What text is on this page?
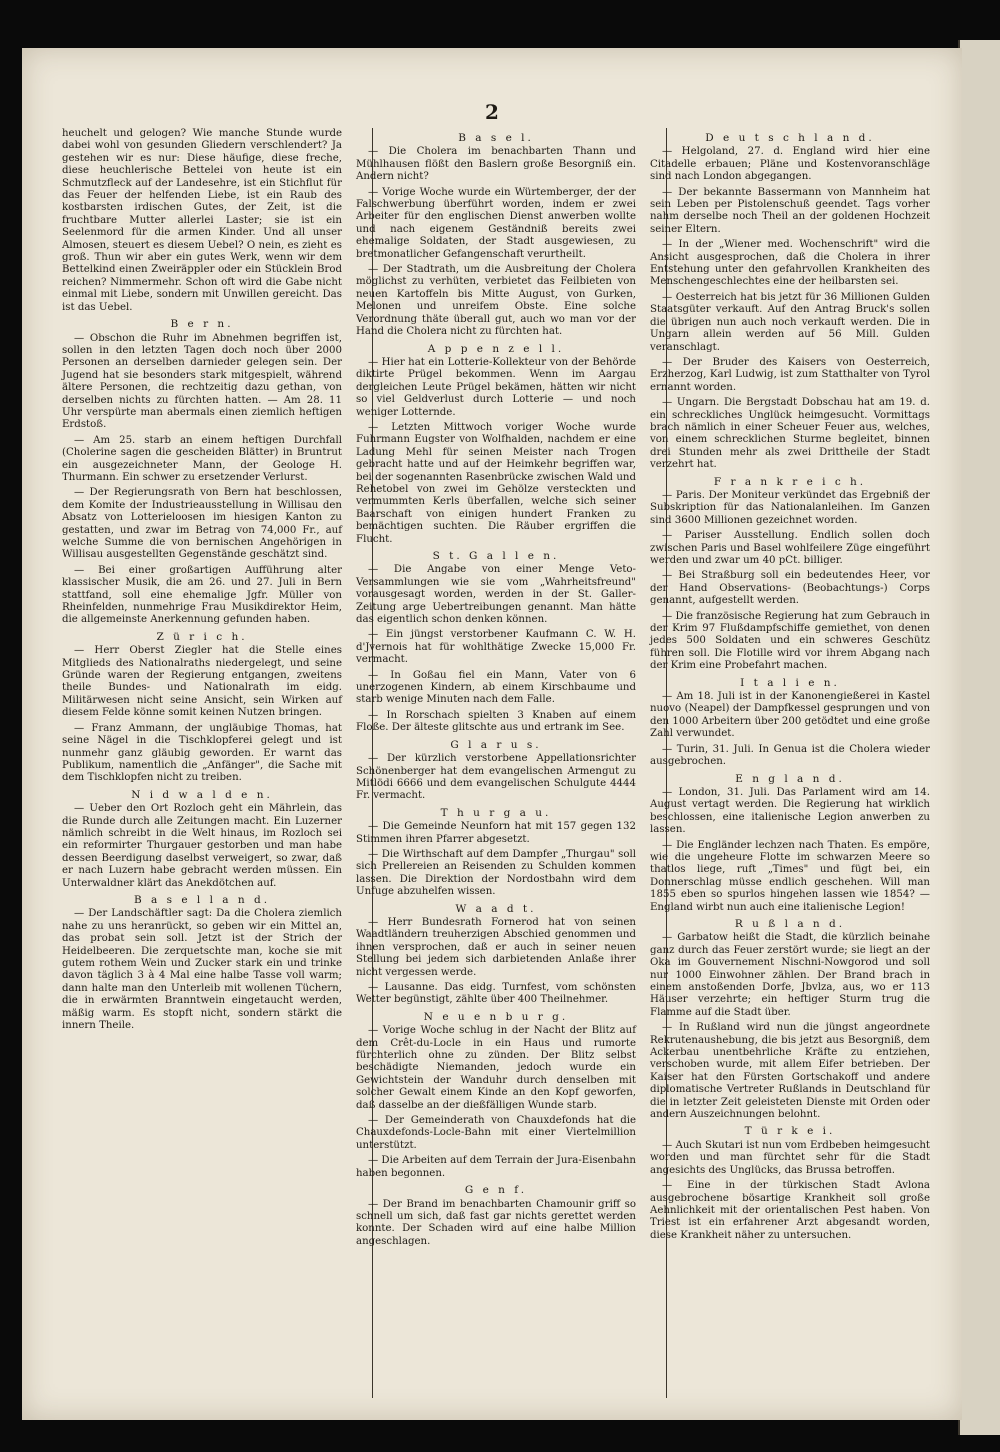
2

heuchelt und gelogen? Wie manche Stunde wurde dabei wohl von gesunden Gliedern verschlendert? Ja gestehen wir es nur: Diese häufige, diese freche, diese heuchlerische Bettelei von heute ist ein Schmutzfleck auf der Landesehre, ist ein Stichflut für das Feuer der helfenden Liebe, ist ein Raub des kostbarsten irdischen Gutes, der Zeit, ist die fruchtbare Mutter allerlei Laster; sie ist ein Seelenmord für die armen Kinder. Und all unser Almosen, steuert es diesem Uebel? O nein, es zieht es groß. Thun wir aber ein gutes Werk, wenn wir dem Bettelkind einen Zweiräppler oder ein Stücklein Brod reichen? Nimmermehr. Schon oft wird die Gabe nicht einmal mit Liebe, sondern mit Unwillen gereicht. Das ist das Uebel.

B e r n.

— Obschon die Ruhr im Abnehmen begriffen ist, sollen in den letzten Tagen doch noch über 2000 Personen an derselben darnieder gelegen sein. Der Jugend hat sie besonders stark mitgespielt, während ältere Personen, die rechtzeitig dazu gethan, von derselben nichts zu fürchten hatten. — Am 28. 11 Uhr verspürte man abermals einen ziemlich heftigen Erdstoß.

— Am 25. starb an einem heftigen Durchfall (Cholerine sagen die gescheiden Blätter) in Bruntrut ein ausgezeichneter Mann, der Geologe H. Thurmann. Ein schwer zu ersetzender Verlurst.

— Der Regierungsrath von Bern hat beschlossen, dem Komite der Industrieausstellung in Willisau den Absatz von Lotterieloosen im hiesigen Kanton zu gestatten, und zwar im Betrag von 74,000 Fr., auf welche Summe die von bernischen Angehörigen in Willisau ausgestellten Gegenstände geschätzt sind.

— Bei einer großartigen Aufführung alter klassischer Musik, die am 26. und 27. Juli in Bern stattfand, soll eine ehemalige Jgfr. Müller von Rheinfelden, nunmehrige Frau Musikdirektor Heim, die allgemeinste Anerkennung gefunden haben.

Z ü r i c h.

— Herr Oberst Ziegler hat die Stelle eines Mitglieds des Nationalraths niedergelegt, und seine Gründe waren der Regierung entgangen, zweitens theile Bundes- und Nationalrath im eidg. Militärwesen nicht seine Ansicht, sein Wirken auf diesem Felde könne somit keinen Nutzen bringen.

— Franz Ammann, der ungläubige Thomas, hat seine Nägel in die Tischklopferei gelegt und ist nunmehr ganz gläubig geworden. Er warnt das Publikum, namentlich die „Anfänger", die Sache mit dem Tischklopfen nicht zu treiben.

N i d w a l d e n.

— Ueber den Ort Rozloch geht ein Mährlein, das die Runde durch alle Zeitungen macht. Ein Luzerner nämlich schreibt in die Welt hinaus, im Rozloch sei ein reformirter Thurgauer gestorben und man habe dessen Beerdigung daselbst verweigert, so zwar, daß er nach Luzern habe gebracht werden müssen. Ein Unterwaldner klärt das Anekdötchen auf.

B a s e l l a n d.

— Der Landschäftler sagt: Da die Cholera ziemlich nahe zu uns heranrückt, so geben wir ein Mittel an, das probat sein soll. Jetzt ist der Strich der Heidelbeeren. Die zerquetschte man, koche sie mit gutem rothem Wein und Zucker stark ein und trinke davon täglich 3 à 4 Mal eine halbe Tasse voll warm; dann halte man den Unterleib mit wollenen Tüchern, die in erwärmten Branntwein eingetaucht werden, mäßig warm. Es stopft nicht, sondern stärkt die innern Theile.

B a s e l.

— Die Cholera im benachbarten Thann und Mühlhausen flößt den Baslern große Besorgniß ein. Andern nicht?

— Vorige Woche wurde ein Würtemberger, der der Falschwerbung überführt worden, indem er zwei Arbeiter für den englischen Dienst anwerben wollte und nach eigenem Geständniß bereits zwei ehemalige Soldaten, der Stadt ausgewiesen, zu bretmonatlicher Gefangenschaft verurtheilt.

— Der Stadtrath, um die Ausbreitung der Cholera möglichst zu verhüten, verbietet das Feilbieten von neuen Kartoffeln bis Mitte August, von Gurken, Melonen und unreifem Obste. Eine solche Verordnung thäte überall gut, auch wo man vor der Hand die Cholera nicht zu fürchten hat.

A p p e n z e l l.

— Hier hat ein Lotterie-Kollekteur von der Behörde diktirte Prügel bekommen. Wenn im Aargau dergleichen Leute Prügel bekämen, hätten wir nicht so viel Geldverlust durch Lotterie — und noch weniger Lotternde.

— Letzten Mittwoch voriger Woche wurde Fuhrmann Eugster von Wolfhalden, nachdem er eine Ladung Mehl für seinen Meister nach Trogen gebracht hatte und auf der Heimkehr begriffen war, bei der sogenannten Rasenbrücke zwischen Wald und Rehetobel von zwei im Gehölze versteckten und vermummten Kerls überfallen, welche sich seiner Baarschaft von einigen hundert Franken zu bemächtigen suchten. Die Räuber ergriffen die Flucht.

S t. G a l l e n.

— Die Angabe von einer Menge Veto-Versammlungen wie sie vom „Wahrheitsfreund" vorausgesagt worden, werden in der St. Galler-Zeitung arge Uebertreibungen genannt. Man hätte das eigentlich schon denken können.

— Ein jüngst verstorbener Kaufmann C. W. H. d'Jvernois hat für wohlthätige Zwecke 15,000 Fr. vermacht.

— In Goßau fiel ein Mann, Vater von 6 unerzogenen Kindern, ab einem Kirschbaume und starb wenige Minuten nach dem Falle.

— In Rorschach spielten 3 Knaben auf einem Floße. Der älteste glitschte aus und ertrank im See.

G l a r u s.

— Der kürzlich verstorbene Appellationsrichter Schönenberger hat dem evangelischen Armengut zu Mitlödi 6666 und dem evangelischen Schulgute 4444 Fr. vermacht.

T h u r g a u.

— Die Gemeinde Neunforn hat mit 157 gegen 132 Stimmen ihren Pfarrer abgesetzt.

— Die Wirthschaft auf dem Dampfer „Thurgau" soll sich Prellereien an Reisenden zu Schulden kommen lassen. Die Direktion der Nordostbahn wird dem Unfuge abzuhelfen wissen.

W a a d t.

— Herr Bundesrath Fornerod hat von seinen Waadtländern treuherzigen Abschied genommen und ihnen versprochen, daß er auch in seiner neuen Stellung bei jedem sich darbietenden Anlaße ihrer nicht vergessen werde.

— Lausanne. Das eidg. Turnfest, vom schönsten Wetter begünstigt, zählte über 400 Theilnehmer.

N e u e n b u r g.

— Vorige Woche schlug in der Nacht der Blitz auf dem Crêt-du-Locle in ein Haus und rumorte fürchterlich ohne zu zünden. Der Blitz selbst beschädigte Niemanden, jedoch wurde ein Gewichtstein der Wanduhr durch denselben mit solcher Gewalt einem Kinde an den Kopf geworfen, daß dasselbe an der dießfälligen Wunde starb.

— Der Gemeinderath von Chauxdefonds hat die Chauxdefonds-Locle-Bahn mit einer Viertelmillion unterstützt.

— Die Arbeiten auf dem Terrain der Jura-Eisenbahn haben begonnen.

G e n f.

— Der Brand im benachbarten Chamounir griff so schnell um sich, daß fast gar nichts gerettet werden konnte. Der Schaden wird auf eine halbe Million angeschlagen.

D e u t s c h l a n d.

— Helgoland, 27. d. England wird hier eine Citadelle erbauen; Pläne und Kostenvoranschläge sind nach London abgegangen.

— Der bekannte Bassermann von Mannheim hat sein Leben per Pistolenschuß geendet. Tags vorher nahm derselbe noch Theil an der goldenen Hochzeit seiner Eltern.

— In der „Wiener med. Wochenschrift" wird die Ansicht ausgesprochen, daß die Cholera in ihrer Entstehung unter den gefahrvollen Krankheiten des Menschengeschlechtes eine der heilbarsten sei.

— Oesterreich hat bis jetzt für 36 Millionen Gulden Staatsgüter verkauft. Auf den Antrag Bruck's sollen die übrigen nun auch noch verkauft werden. Die in Ungarn allein werden auf 56 Mill. Gulden veranschlagt.

— Der Bruder des Kaisers von Oesterreich, Erzherzog, Karl Ludwig, ist zum Statthalter von Tyrol ernannt worden.

— Ungarn. Die Bergstadt Dobschau hat am 19. d. ein schreckliches Unglück heimgesucht. Vormittags brach nämlich in einer Scheuer Feuer aus, welches, von einem schrecklichen Sturme begleitet, binnen drei Stunden mehr als zwei Drittheile der Stadt verzehrt hat.

F r a n k r e i c h.

— Paris. Der Moniteur verkündet das Ergebniß der Subskription für das Nationalanleihen. Im Ganzen sind 3600 Millionen gezeichnet worden.

— Pariser Ausstellung. Endlich sollen doch zwischen Paris und Basel wohlfeilere Züge eingeführt werden und zwar um 40 pCt. billiger.

— Bei Straßburg soll ein bedeutendes Heer, vor der Hand Observations- (Beobachtungs-) Corps genannt, aufgestellt werden.

— Die französische Regierung hat zum Gebrauch in der Krim 97 Flußdampfschiffe gemiethet, von denen jedes 500 Soldaten und ein schweres Geschütz führen soll. Die Flotille wird vor ihrem Abgang nach der Krim eine Probefahrt machen.

I t a l i e n.

— Am 18. Juli ist in der Kanonengießerei in Kastel nuovo (Neapel) der Dampfkessel gesprungen und von den 1000 Arbeitern über 200 getödtet und eine große Zahl verwundet.

— Turin, 31. Juli. In Genua ist die Cholera wieder ausgebrochen.

E n g l a n d.

— London, 31. Juli. Das Parlament wird am 14. August vertagt werden. Die Regierung hat wirklich beschlossen, eine italienische Legion anwerben zu lassen.

— Die Engländer lechzen nach Thaten. Es empöre, wie die ungeheure Flotte im schwarzen Meere so thatlos liege, ruft „Times" und fügt bei, ein Donnerschlag müsse endlich geschehen. Will man 1855 eben so spurlos hingehen lassen wie 1854? — England wirbt nun auch eine italienische Legion!

R u ß l a n d.

— Garbatow heißt die Stadt, die kürzlich beinahe ganz durch das Feuer zerstört wurde; sie liegt an der Oka im Gouvernement Nischni-Nowgorod und soll nur 1000 Einwohner zählen. Der Brand brach in einem anstoßenden Dorfe, Jbvlza, aus, wo er 113 Häuser verzehrte; ein heftiger Sturm trug die Flamme auf die Stadt über.

— In Rußland wird nun die jüngst angeordnete Rekrutenaushebung, die bis jetzt aus Besorgniß, dem Ackerbau unentbehrliche Kräfte zu entziehen, verschoben wurde, mit allem Eifer betrieben. Der Kaiser hat den Fürsten Gortschakoff und andere diplomatische Vertreter Rußlands in Deutschland für die in letzter Zeit geleisteten Dienste mit Orden oder andern Auszeichnungen belohnt.

T ü r k e i.

— Auch Skutari ist nun vom Erdbeben heimgesucht worden und man fürchtet sehr für die Stadt angesichts des Unglücks, das Brussa betroffen.

— Eine in der türkischen Stadt Avlona ausgebrochene bösartige Krankheit soll große Aehnlichkeit mit der orientalischen Pest haben. Von Triest ist ein erfahrener Arzt abgesandt worden, diese Krankheit näher zu untersuchen.
